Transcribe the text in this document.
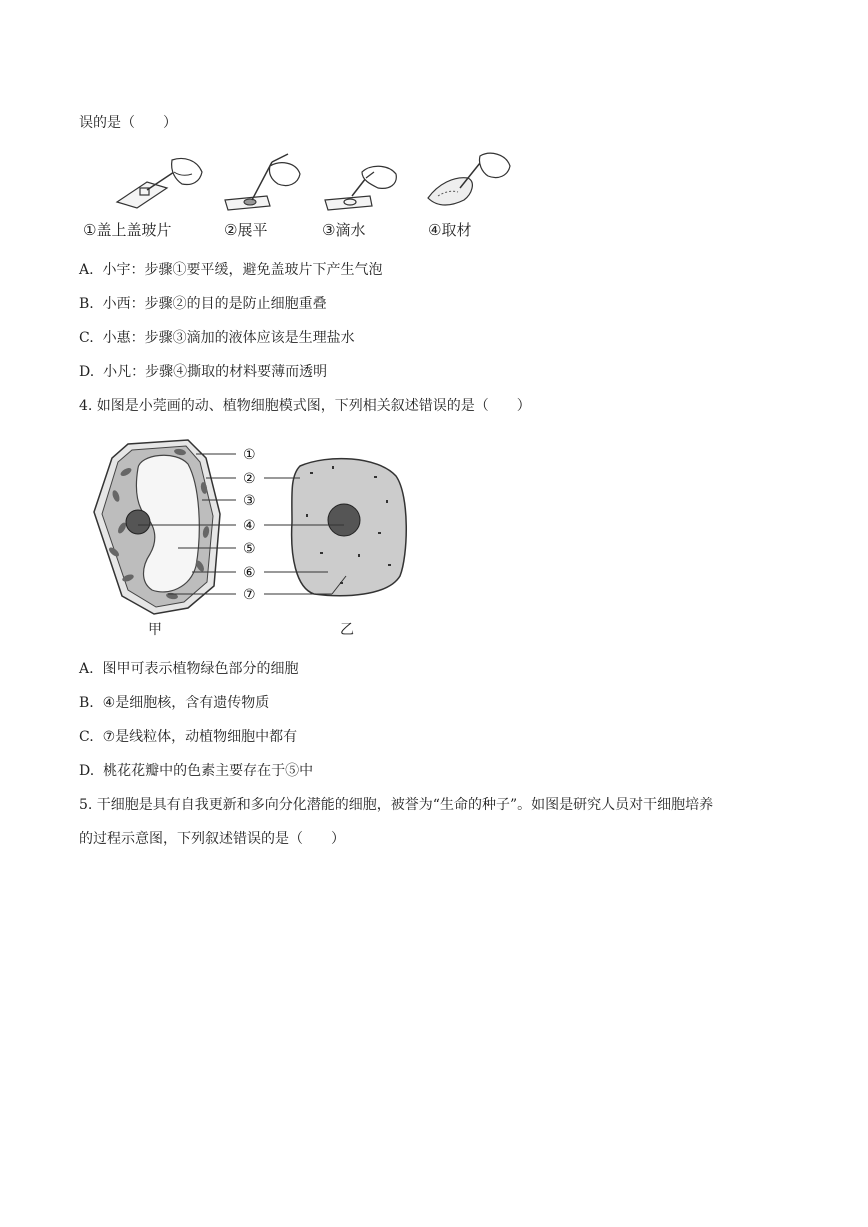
误的是（　　）
①盖上盖玻片	②展平	③滴水	④取材
A. 小宇：步骤①要平缓，避免盖玻片下产生气泡
B. 小西：步骤②的目的是防止细胞重叠
C. 小惠：步骤③滴加的液体应该是生理盐水
D. 小凡：步骤④撕取的材料要薄而透明
4. 如图是小莞画的动、植物细胞模式图，下列相关叙述错误的是（　　）
①
②
③
④
⑤
⑥
⑦
甲	乙
A. 图甲可表示植物绿色部分的细胞
B. ④是细胞核，含有遗传物质
C. ⑦是线粒体，动植物细胞中都有
D. 桃花花瓣中的色素主要存在于⑤中
5. 干细胞是具有自我更新和多向分化潜能的细胞，被誉为“生命的种子”。如图是研究人员对干细胞培养
的过程示意图，下列叙述错误的是（　　）
